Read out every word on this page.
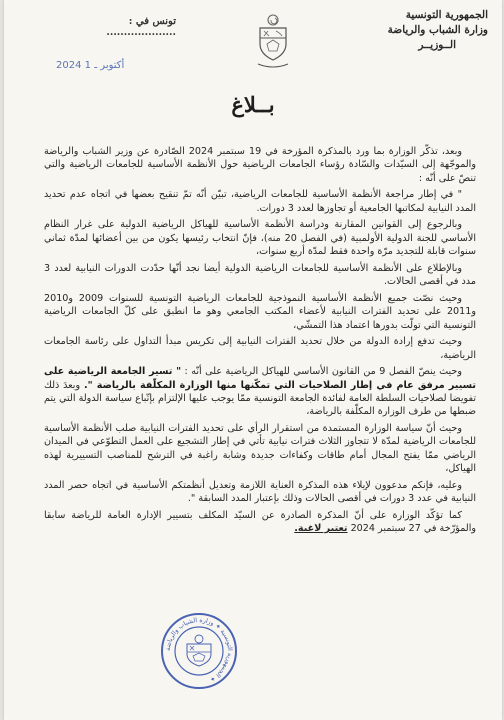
الجمهورية التونسية
وزارة الشباب والرياضة
الــوزيــر
تونس في : ....................
2024 أكتوبر ـ 1
بــلاغ

وبعد، تذكّر الوزارة بما ورد بالمذكرة المؤرخة في 19 سبتمبر 2024 الصّادرة عن وزير الشباب والرياضة والموجّهة إلى السيّدات والسّادة رؤساء الجامعات الرياضية حول الأنظمة الأساسية للجامعات الرياضية والتي تنصّ على أنّه :

" في إطار مراجعة الأنظمة الأساسية للجامعات الرياضية، تبيّن أنّه تمّ تنقيح بعضها في اتجاه عدم تحديد المدد النيابية لمكاتبها الجامعية أو تجاوزها لعدد 3 دورات.

وبالرجوع إلى القوانين المقارنة ودراسة الأنظمة الأساسية للهياكل الرياضية الدولية على غرار النظام الأساسي للجنة الدولية الأولمبية (في الفصل 20 منه)، فإنّ انتخاب رئيسها يكون من بين أعضائها لمدّة ثماني سنوات قابلة للتجديد مرّة واحدة فقط لمدّة أربع سنوات،

وبالإطلاع على الأنظمة الأساسية للجامعات الرياضية الدولية أيضا نجد أنّها حدّدت الدورات النيابية لعدد 3 مدد في أقصى الحالات.

وحيث نصّت جميع الأنظمة الأساسية النموذجية للجامعات الرياضية التونسية للسنوات 2009 و2010 و2011 على تحديد الفترات النيابية لأعضاء المكتب الجامعي وهو ما انطبق على كلّ الجامعات الرياضية التونسية التي تولّت بدورها اعتماد هذا التمشّي،

وحيث تدفع إرادة الدولة من خلال تحديد الفترات النيابية إلى تكريس مبدأ التداول على رئاسة الجامعات الرياضية،

وحيث ينصّ الفصل 9 من القانون الأساسي للهياكل الرياضية على أنّه : " تسير الجامعة الرياضية على تسيير مرفق عام في إطار الصلاحيات التي تمكّنها منها الوزارة المكلّفة بالرياضة ". وبعدَ ذلك تفويضا لصلاحيات السلطة العامة لفائدة الجامعة التونسية ممّا يوجب عليها الإلتزام بإتّباع سياسة الدولة التي يتم ضبطها من طرف الوزارة المكلّفة بالرياضة،

وحيث أنّ سياسة الوزارة المستمدة من استقرار الرأي على تحديد الفترات النيابية صلب الأنظمة الأساسية للجامعات الرياضية لمدّة لا تتجاوز الثلاث فترات نيابية تأتي في إطار التشجيع على العمل التطوّعي في الميدان الرياضي ممّا يفتح المجال أمام طاقات وكفاءات جديدة وشابة راغبة في الترشح للمناصب التسييرية لهذه الهياكل،

وعليه، فإنكم مدعوون لإيلاء هذه المذكرة العناية اللازمة وتعديل أنظمتكم الأساسية في اتجاه حصر المدد النيابية في عدد 3 دورات في أقصى الحالات وذلك بإعتبار المدد السابقة ".

كما تؤكّد الوزارة على أنّ المذكرة الصادرة عن السيّد المكلف بتسيير الإدارة العامة للرياضة سابقا والمؤرّخة في 27 سبتمبر 2024 تعتبر لاغية.

الجمهورية التونسية ✦ وزارة الشباب والرياضة ✦
